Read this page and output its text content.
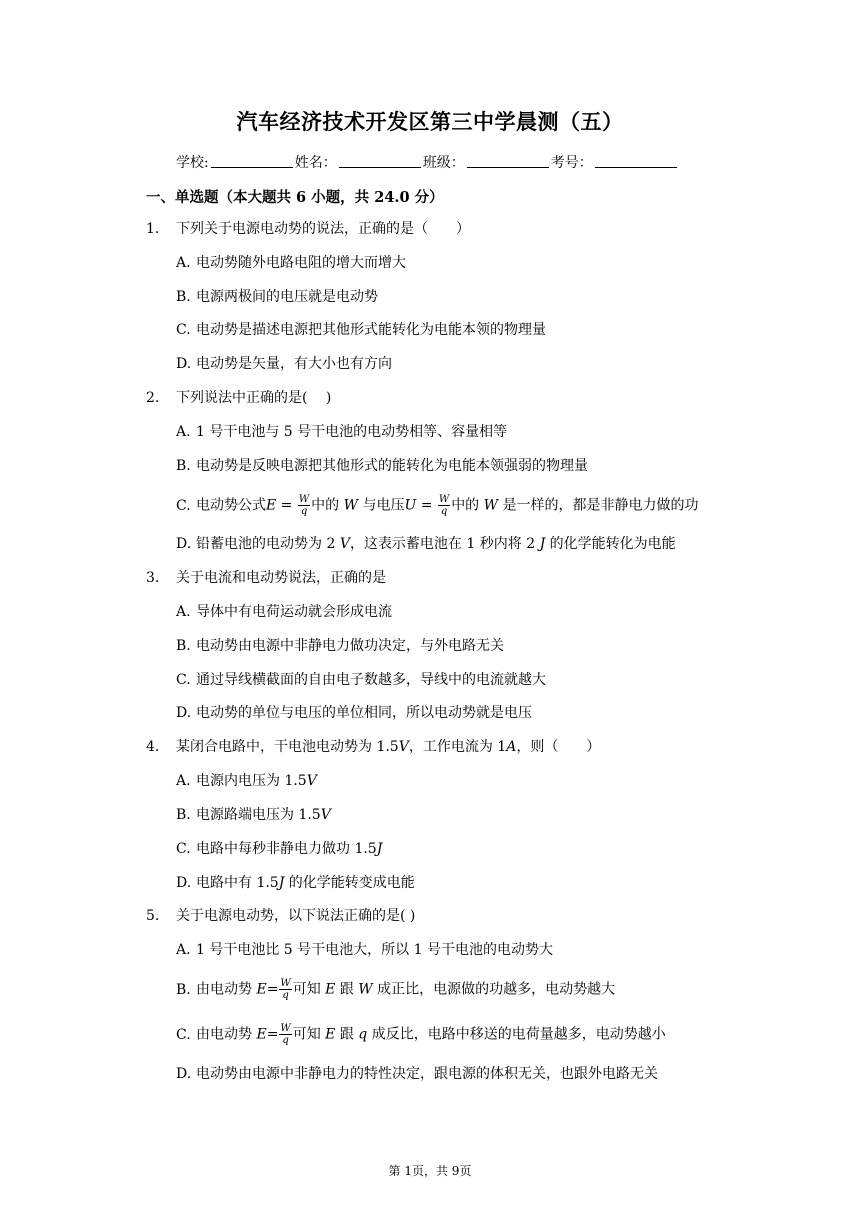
汽车经济技术开发区第三中学晨测（五）
学校:	姓名：	班级：	考号：
一、单选题（本大题共 6 小题，共 24.0 分）
1. 下列关于电源电动势的说法，正确的是（　　）
A. 电动势随外电路电阻的增大而增大
B. 电源两极间的电压就是电动势
C. 电动势是描述电源把其他形式能转化为电能本领的物理量
D. 电动势是矢量，有大小也有方向
2. 下列说法中正确的是(　 )
A. 1 号干电池与 5 号干电池的电动势相等、容量相等
B. 电动势是反映电源把其他形式的能转化为电能本领强弱的物理量
C. 电动势公式$E = \frac{W}{q}$ 中的 W 与电压$U = \frac{W}{q}$ 中的 W 是一样的，都是非静电力做的功
D. 铅蓄电池的电动势为 2 V，这表示蓄电池在 1 秒内将 2 J 的化学能转化为电能
3. 关于电流和电动势说法，正确的是
A. 导体中有电荷运动就会形成电流
B. 电动势由电源中非静电力做功决定，与外电路无关
C. 通过导线横截面的自由电子数越多，导线中的电流就越大
D. 电动势的单位与电压的单位相同，所以电动势就是电压
4. 某闭合电路中，干电池电动势为 1.5V，工作电流为 1A，则（　　）
A. 电源内电压为 1.5V
B. 电源路端电压为 1.5V
C. 电路中每秒非静电力做功 1.5J
D. 电路中有 1.5J 的化学能转变成电能
5. 关于电源电动势，以下说法正确的是( )
A. 1 号干电池比 5 号干电池大，所以 1 号干电池的电动势大
B. 由电动势 $E= \frac{W}{q}$ 可知 E 跟 W 成正比，电源做的功越多，电动势越大
C. 由电动势 $E= \frac{W}{q}$ 可知 E 跟 q 成反比，电路中移送的电荷量越多，电动势越小
D. 电动势由电源中非静电力的特性决定，跟电源的体积无关，也跟外电路无关
第 1页，共 9页
